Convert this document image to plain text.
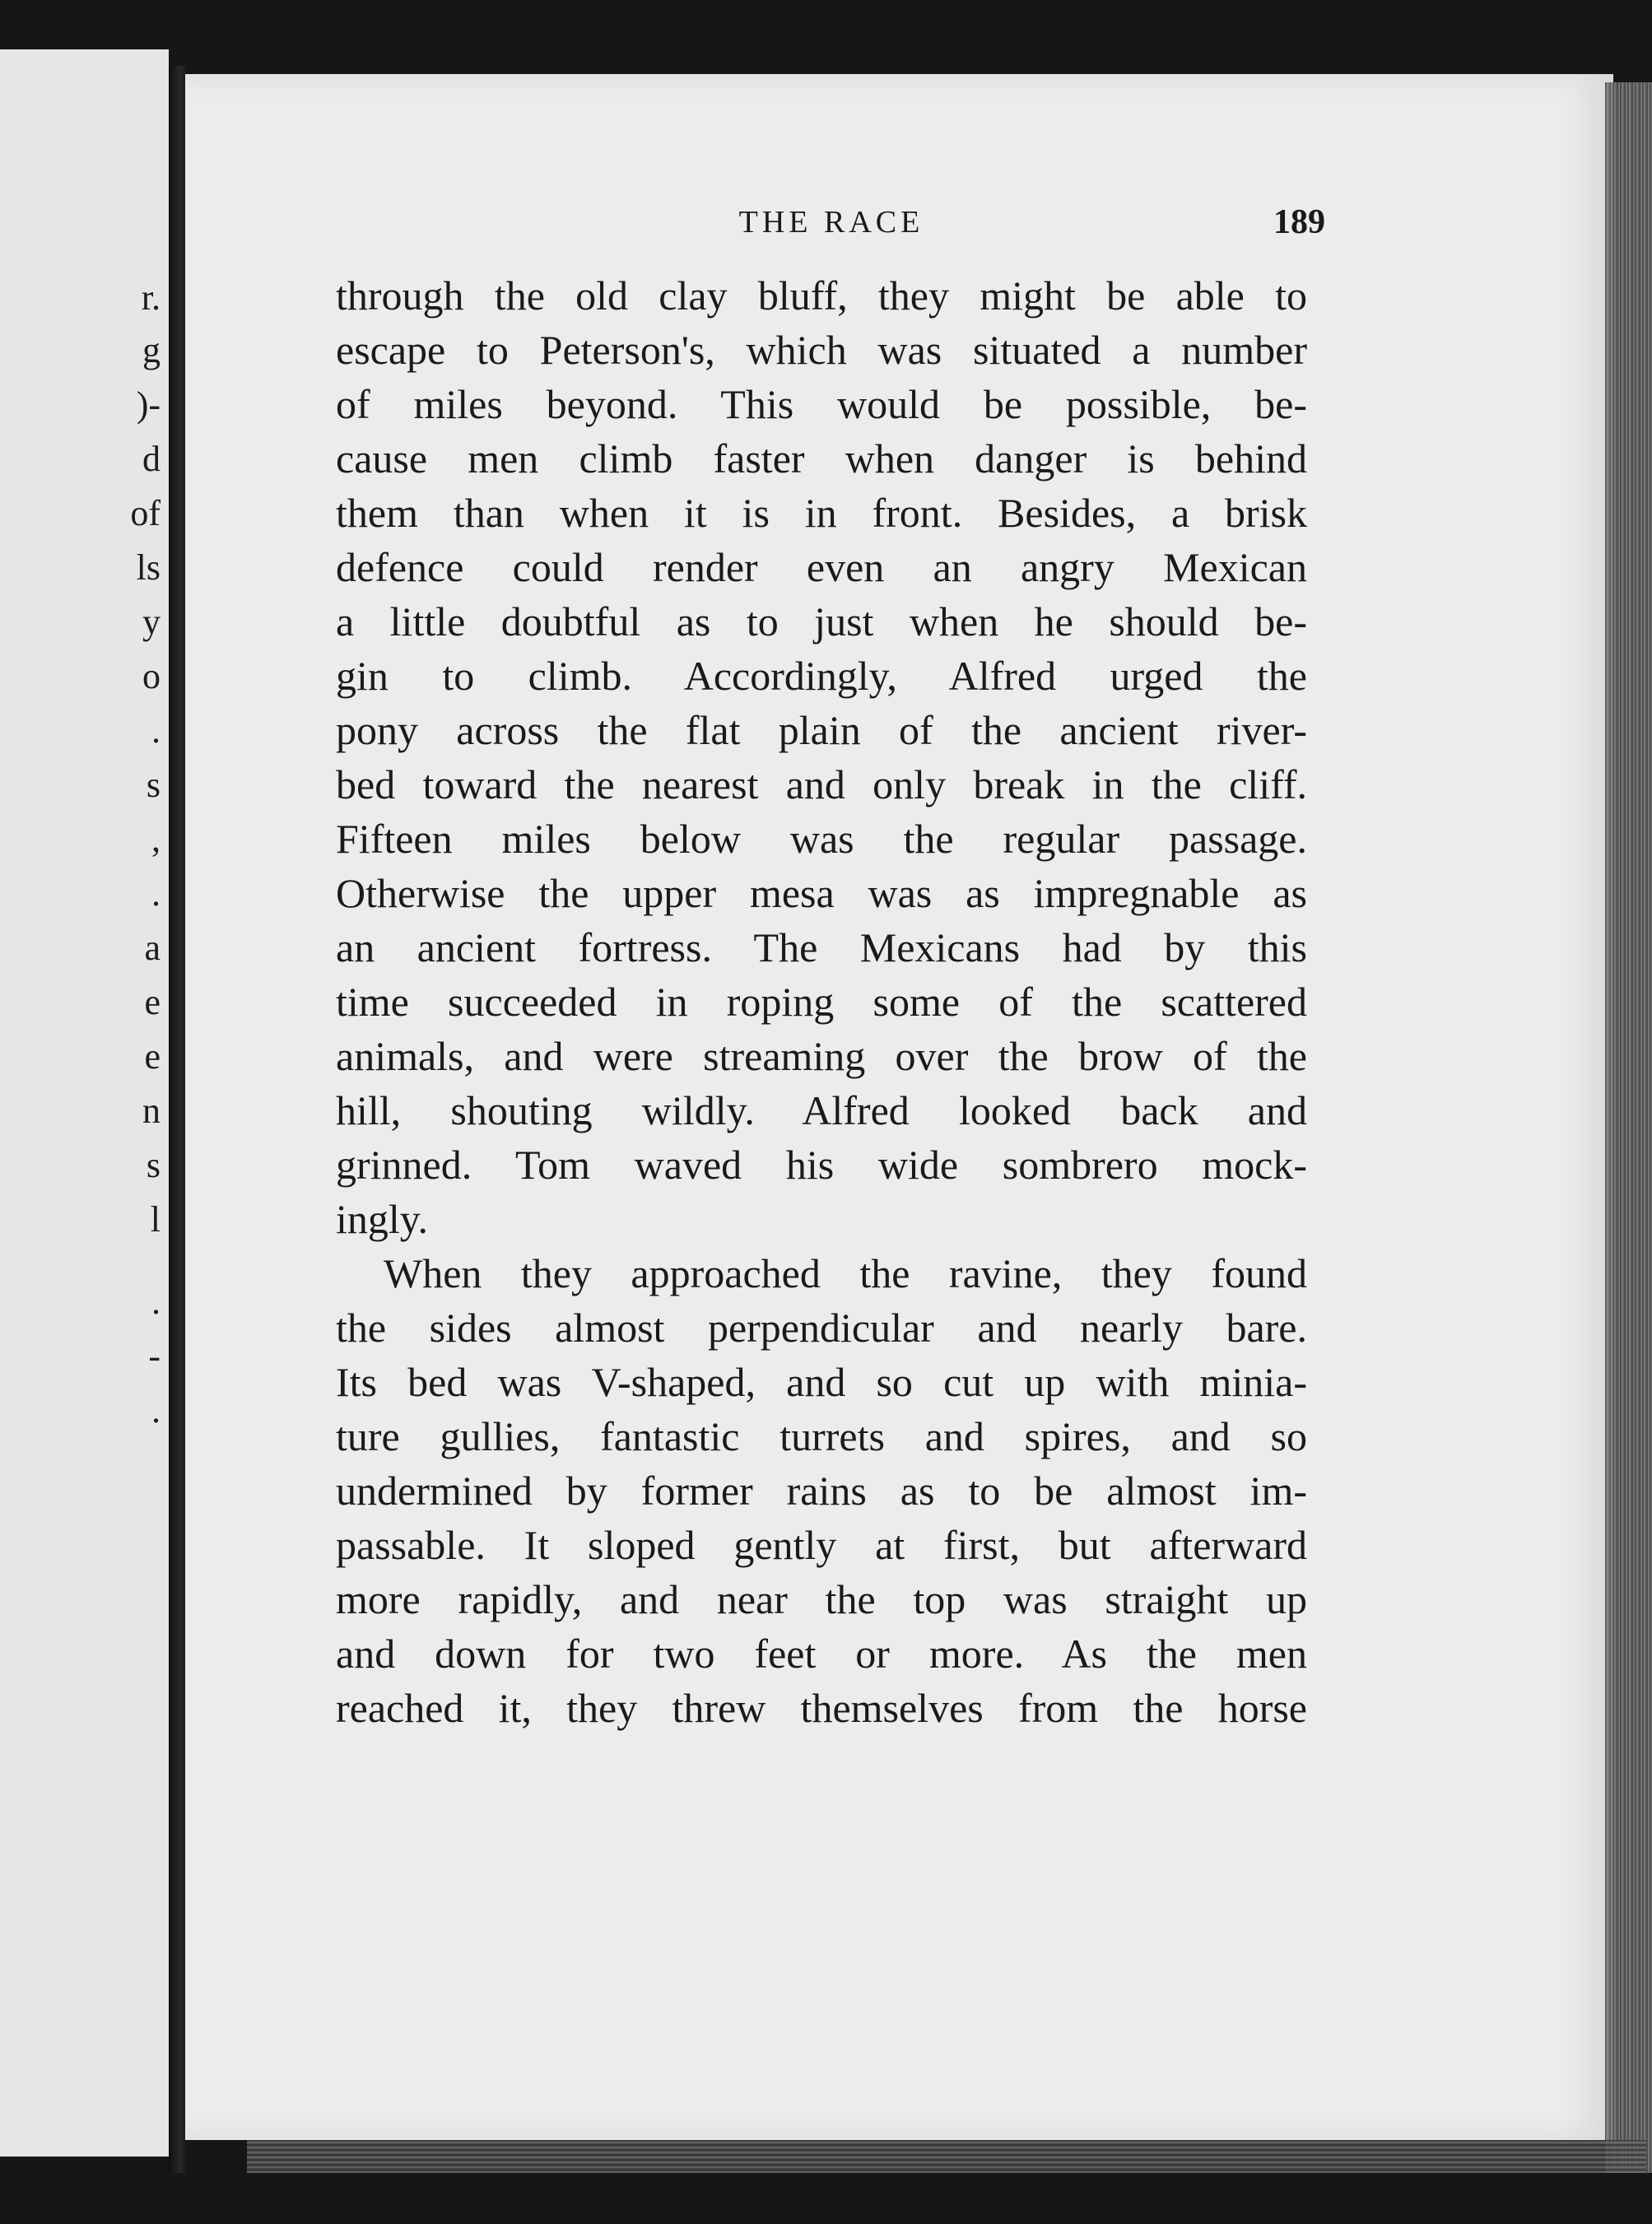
r.
g
)-
d
of
ls
y
o
.
s
,
.
a
e
e
n
s
l
.
-
.
THE RACE	189
through the old clay bluff, they might be able to
escape to Peterson's, which was situated a number
of miles beyond. This would be possible, be-
cause men climb faster when danger is behind
them than when it is in front. Besides, a brisk
defence could render even an angry Mexican
a little doubtful as to just when he should be-
gin to climb. Accordingly, Alfred urged the
pony across the flat plain of the ancient river-
bed toward the nearest and only break in the cliff.
Fifteen miles below was the regular passage.
Otherwise the upper mesa was as impregnable as
an ancient fortress. The Mexicans had by this
time succeeded in roping some of the scattered
animals, and were streaming over the brow of the
hill, shouting wildly. Alfred looked back and
grinned. Tom waved his wide sombrero mock-
ingly.
When they approached the ravine, they found
the sides almost perpendicular and nearly bare.
Its bed was V-shaped, and so cut up with minia-
ture gullies, fantastic turrets and spires, and so
undermined by former rains as to be almost im-
passable. It sloped gently at first, but afterward
more rapidly, and near the top was straight up
and down for two feet or more. As the men
reached it, they threw themselves from the horse
